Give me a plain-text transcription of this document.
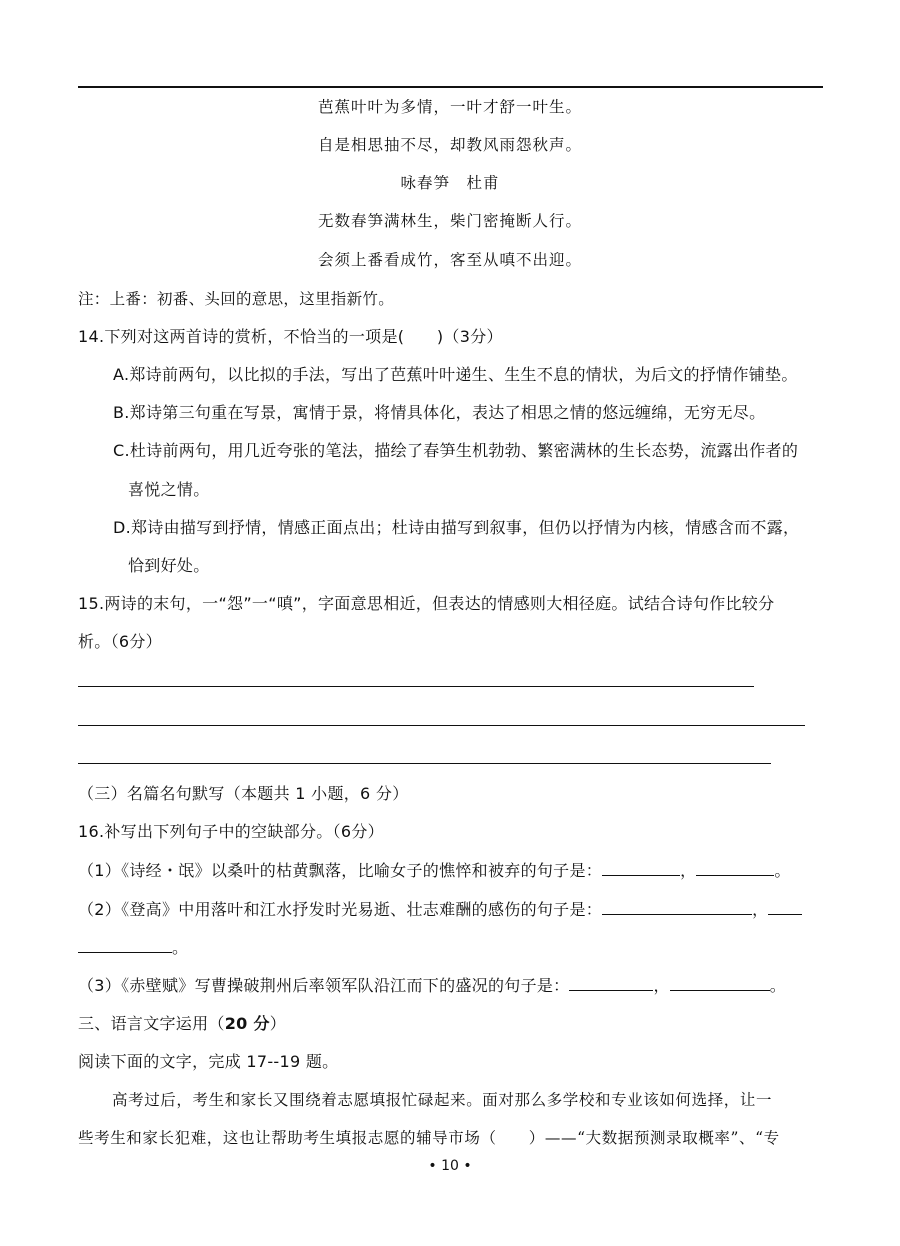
芭蕉叶叶为多情，一叶才舒一叶生。
自是相思抽不尽，却教风雨怨秋声。
咏春笋　杜甫
无数春笋满林生，柴门密掩断人行。
会须上番看成竹，客至从嗔不出迎。
注：上番：初番、头回的意思，这里指新竹。
14.下列对这两首诗的赏析，不恰当的一项是(　　)（3分）
A.郑诗前两句，以比拟的手法，写出了芭蕉叶叶递生、生生不息的情状，为后文的抒情作铺垫。
B.郑诗第三句重在写景，寓情于景，将情具体化，表达了相思之情的悠远缠绵，无穷无尽。
C.杜诗前两句，用几近夸张的笔法，描绘了春笋生机勃勃、繁密满林的生长态势，流露出作者的
喜悦之情。
D.郑诗由描写到抒情，情感正面点出；杜诗由描写到叙事，但仍以抒情为内核，情感含而不露，
恰到好处。
15.两诗的末句，一“怨”一“嗔”，字面意思相近，但表达的情感则大相径庭。试结合诗句作比较分
析。（6分）
（三）名篇名句默写（本题共 1 小题，6 分）
16.补写出下列句子中的空缺部分。（6分）
（1）《诗经・氓》以桑叶的枯黄飘落，比喻女子的憔悴和被弃的句子是：	，	。
（2）《登高》中用落叶和江水抒发时光易逝、壮志难酬的感伤的句子是：	，
。
（3）《赤壁赋》写曹操破荆州后率领军队沿江而下的盛况的句子是：	，	。
三、语言文字运用（20 分）
阅读下面的文字，完成 17--19 题。
高考过后，考生和家长又围绕着志愿填报忙碌起来。面对那么多学校和专业该如何选择，让一
些考生和家长犯难，这也让帮助考生填报志愿的辅导市场（　　）——“大数据预测录取概率”、“专
• 10 •
